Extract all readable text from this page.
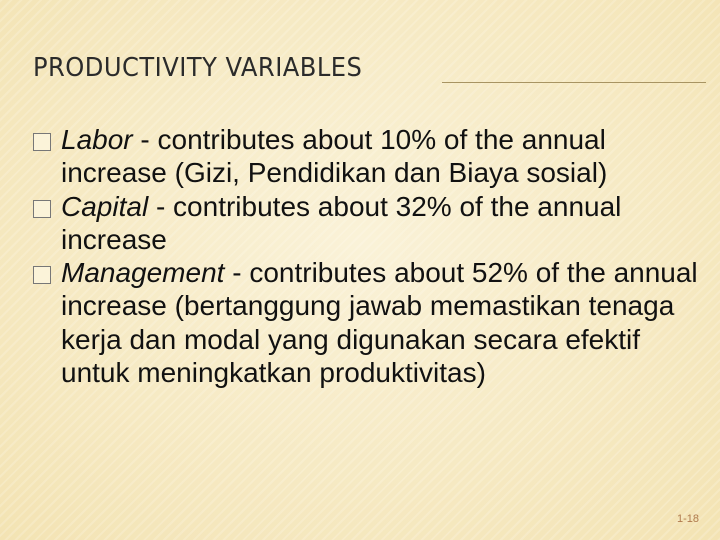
PRODUCTIVITY VARIABLES

Labor - contributes about 10% of the annual increase (Gizi, Pendidikan dan Biaya sosial)

Capital - contributes about 32% of the annual increase

Management - contributes about 52% of the annual increase (bertanggung jawab memastikan tenaga kerja dan modal yang digunakan secara efektif untuk meningkatkan produktivitas)

1-18
